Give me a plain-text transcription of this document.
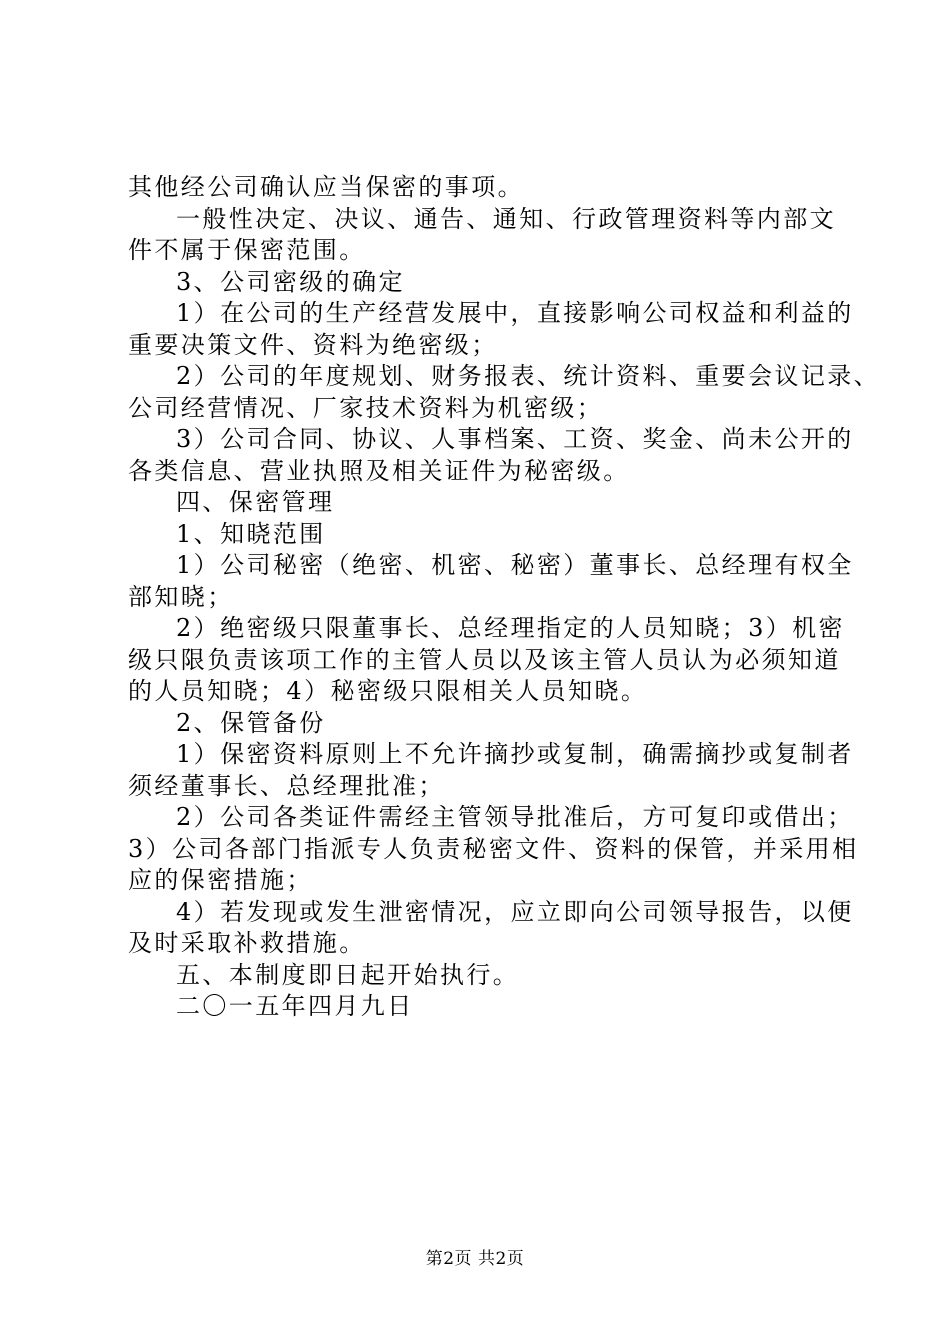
其他经公司确认应当保密的事项。
一般性决定、决议、通告、通知、行政管理资料等内部文
件不属于保密范围。
3、公司密级的确定
1）在公司的生产经营发展中，直接影响公司权益和利益的
重要决策文件、资料为绝密级；
2）公司的年度规划、财务报表、统计资料、重要会议记录、
公司经营情况、厂家技术资料为机密级；
3）公司合同、协议、人事档案、工资、奖金、尚未公开的
各类信息、营业执照及相关证件为秘密级。
四、保密管理
1、知晓范围
1）公司秘密（绝密、机密、秘密）董事长、总经理有权全
部知晓；
2）绝密级只限董事长、总经理指定的人员知晓；3）机密
级只限负责该项工作的主管人员以及该主管人员认为必须知道
的人员知晓；4）秘密级只限相关人员知晓。
2、保管备份
1）保密资料原则上不允许摘抄或复制，确需摘抄或复制者
须经董事长、总经理批准；
2）公司各类证件需经主管领导批准后，方可复印或借出；
3）公司各部门指派专人负责秘密文件、资料的保管，并采用相
应的保密措施；
4）若发现或发生泄密情况，应立即向公司领导报告，以便
及时采取补救措施。
五、本制度即日起开始执行。
二〇一五年四月九日
第2页 共2页
